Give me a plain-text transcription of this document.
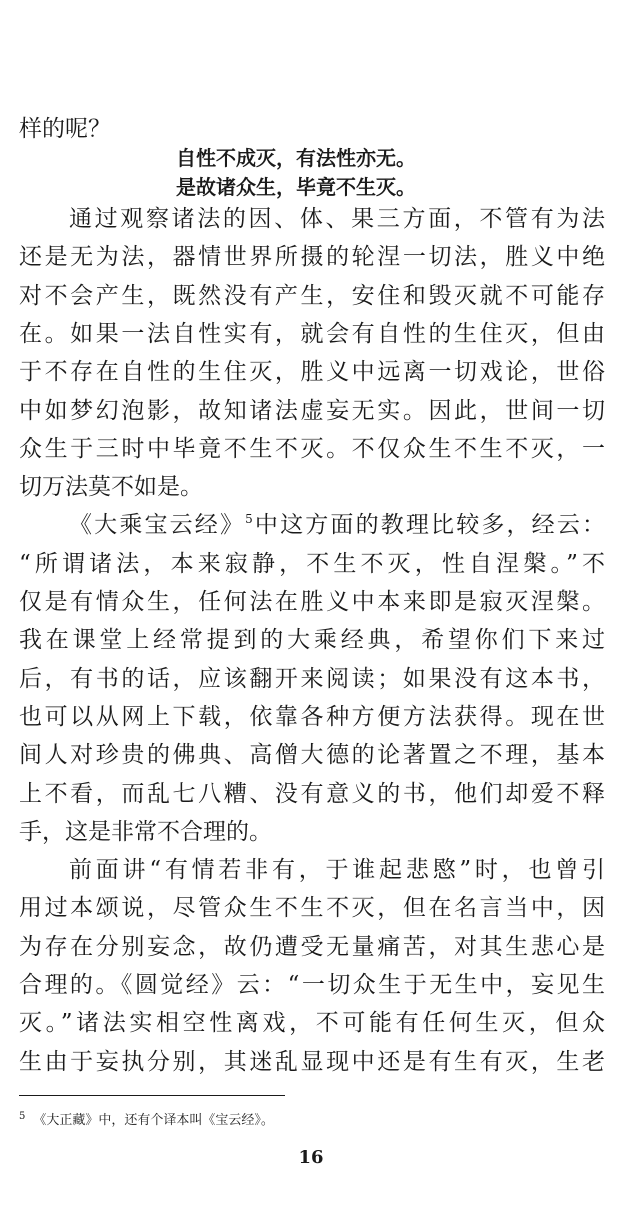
样的呢？
通过观察诸法的因、体、果三方面，不管有为法
还是无为法，器情世界所摄的轮涅一切法，胜义中绝
对不会产生，既然没有产生，安住和毁灭就不可能存
在。如果一法自性实有，就会有自性的生住灭，但由
于不存在自性的生住灭，胜义中远离一切戏论，世俗
中如梦幻泡影，故知诸法虚妄无实。因此，世间一切
众生于三时中毕竟不生不灭。不仅众生不生不灭，一
切万法莫不如是。
《大乘宝云经》$^5$中这方面的教理比较多，经云：
“所谓诸法，本来寂静，不生不灭，性自涅槃。”不
仅是有情众生，任何法在胜义中本来即是寂灭涅槃。
我在课堂上经常提到的大乘经典，希望你们下来过
后，有书的话，应该翻开来阅读；如果没有这本书，
也可以从网上下载，依靠各种方便方法获得。现在世
间人对珍贵的佛典、高僧大德的论著置之不理，基本
上不看，而乱七八糟、没有意义的书，他们却爱不释
手，这是非常不合理的。
前面讲“有情若非有，于谁起悲愍”时，也曾引
用过本颂说，尽管众生不生不灭，但在名言当中，因
为存在分别妄念，故仍遭受无量痛苦，对其生悲心是
合理的。《圆觉经》云：“一切众生于无生中，妄见生
灭。”诸法实相空性离戏，不可能有任何生灭，但众
生由于妄执分别，其迷乱显现中还是有生有灭，生老
自性不成灭，有法性亦无。
是故诸众生，毕竟不生灭。
$^5$ 《大正藏》中，还有个译本叫《宝云经》。
16
